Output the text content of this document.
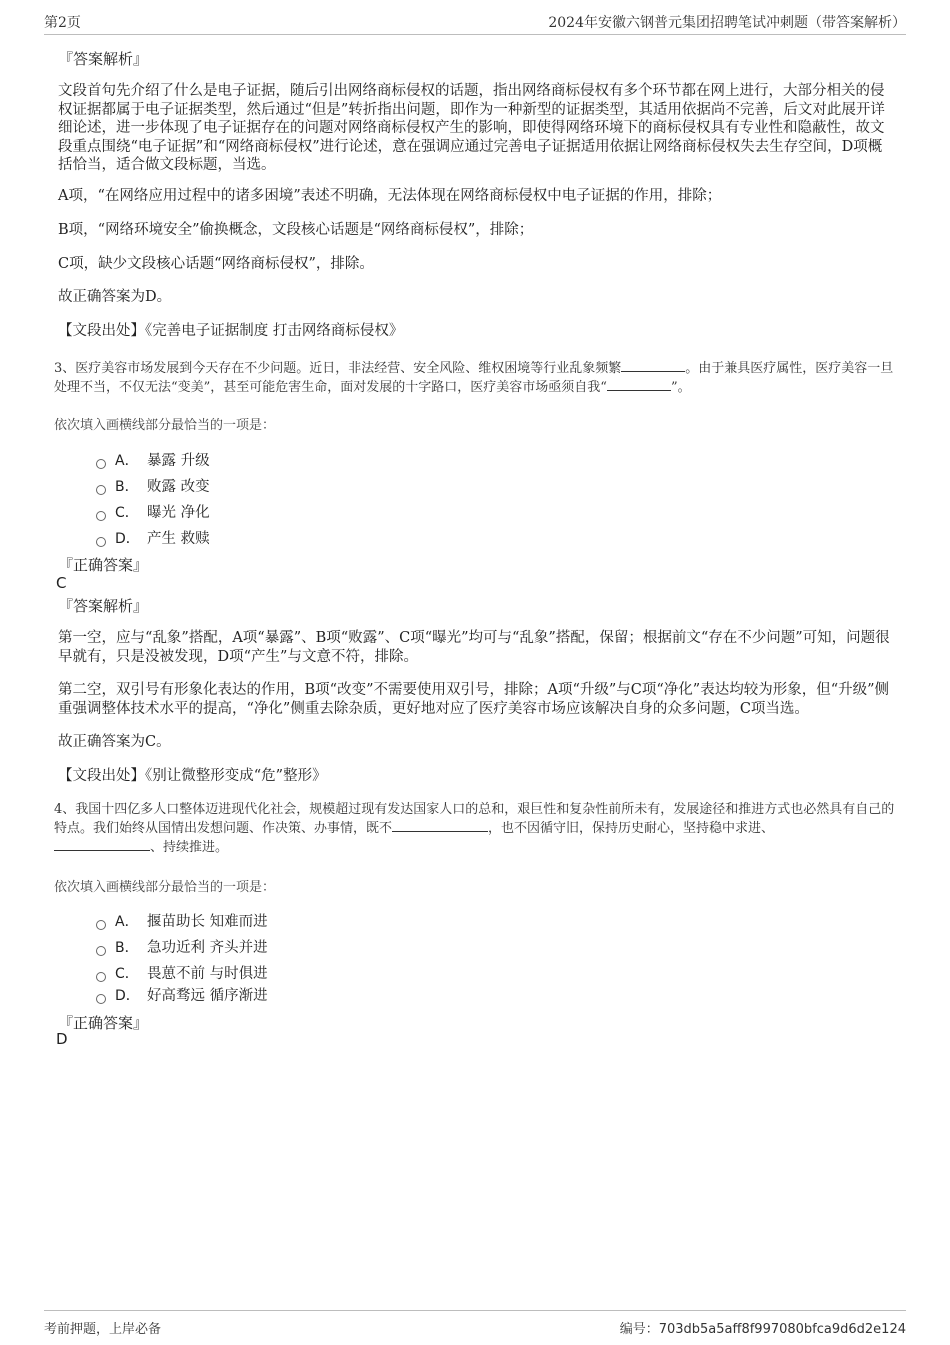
第2页	2024年安徽六钢普元集团招聘笔试冲刺题（带答案解析）
『答案解析』
文段首句先介绍了什么是电子证据，随后引出网络商标侵权的话题，指出网络商标侵权有多个环节都在网上进行，大部分相关的侵权证据都属于电子证据类型，然后通过“但是”转折指出问题，即作为一种新型的证据类型，其适用依据尚不完善，后文对此展开详细论述，进一步体现了电子证据存在的问题对网络商标侵权产生的影响，即使得网络环境下的商标侵权具有专业性和隐蔽性，故文段重点围绕“电子证据”和“网络商标侵权”进行论述，意在强调应通过完善电子证据适用依据让网络商标侵权失去生存空间，D项概括恰当，适合做文段标题，当选。
A项，“在网络应用过程中的诸多困境”表述不明确，无法体现在网络商标侵权中电子证据的作用，排除；
B项，“网络环境安全”偷换概念，文段核心话题是“网络商标侵权”，排除；
C项，缺少文段核心话题“网络商标侵权”，排除。
故正确答案为D。
【文段出处】《完善电子证据制度 打击网络商标侵权》
3、医疗美容市场发展到今天存在不少问题。近日，非法经营、安全风险、维权困境等行业乱象频繁	。由于兼具医疗属性，医疗美容一旦处理不当，不仅无法“变美”，甚至可能危害生命，面对发展的十字路口，医疗美容市场亟须自我“	”。
依次填入画横线部分最恰当的一项是：
A． 暴露 升级
B． 败露 改变
C． 曝光 净化
D． 产生 救赎
『正确答案』
C
『答案解析』
第一空，应与“乱象”搭配，A项“暴露”、B项“败露”、C项“曝光”均可与“乱象”搭配，保留；根据前文“存在不少问题”可知，问题很早就有，只是没被发现，D项“产生”与文意不符，排除。
第二空，双引号有形象化表达的作用，B项“改变”不需要使用双引号，排除；A项“升级”与C项“净化”表达均较为形象，但“升级”侧重强调整体技术水平的提高，“净化”侧重去除杂质，更好地对应了医疗美容市场应该解决自身的众多问题，C项当选。
故正确答案为C。
【文段出处】《别让微整形变成“危”整形》
4、我国十四亿多人口整体迈进现代化社会，规模超过现有发达国家人口的总和，艰巨性和复杂性前所未有，发展途径和推进方式也必然具有自己的特点。我们始终从国情出发想问题、作决策、办事情，既不	，也不因循守旧，保持历史耐心，坚持稳中求进、
、持续推进。
依次填入画横线部分最恰当的一项是：
A． 揠苗助长 知难而进
B． 急功近利 齐头并进
C． 畏葸不前 与时俱进
D． 好高骛远 循序渐进
『正确答案』
D
考前押题，上岸必备	编号：703db5a5aff8f997080bfca9d6d2e124
